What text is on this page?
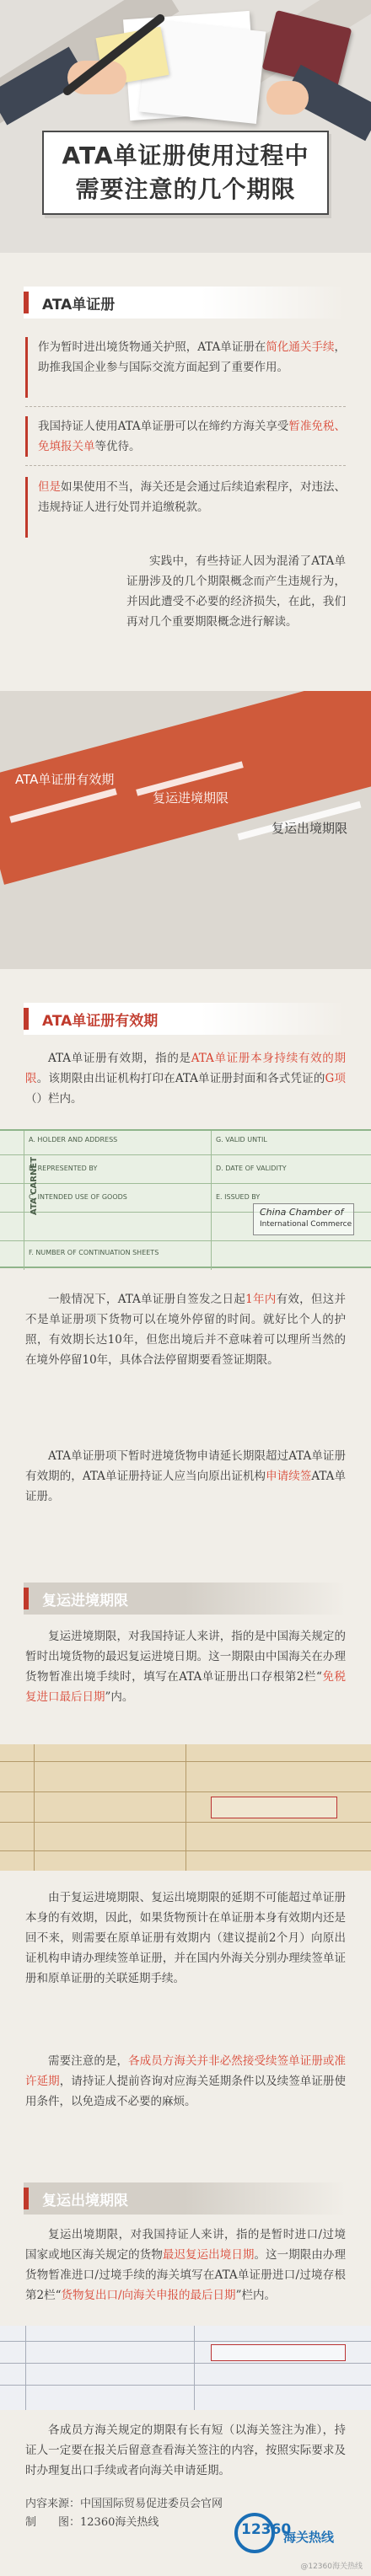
ATA单证册使用过程中
需要注意的几个期限
ATA单证册
作为暂时进出境货物通关护照，ATA单证册在简化通关手续，助推我国企业参与国际交流方面起到了重要作用。
我国持证人使用ATA单证册可以在缔约方海关享受暂准免税、免填报关单等优待。
但是如果使用不当，海关还是会通过后续追索程序，对违法、违规持证人进行处罚并追缴税款。
实践中，有些持证人因为混淆了ATA单证册涉及的几个期限概念而产生违规行为，并因此遭受不必要的经济损失，在此，我们再对几个重要期限概念进行解读。
ATA单证册有效期
复运进境期限
复运出境期限
ATA单证册有效期
ATA单证册有效期，指的是ATA单证册本身持续有效的期限。该期限由出证机构打印在ATA单证册封面和各式凭证的G项（）栏内。
ATA CARNET
A. HOLDER AND ADDRESS	G. VALID UNTIL
B. REPRESENTED BY	D. DATE OF VALIDITY
C. INTENDED USE OF GOODS	E. ISSUED BY
F. NUMBER OF CONTINUATION SHEETS
China Chamber of
International Commerce
一般情况下，ATA单证册自签发之日起1年内有效，但这并不是单证册项下货物可以在境外停留的时间。就好比个人的护照，有效期长达10年，但您出境后并不意味着可以理所当然的在境外停留10年，具体合法停留期要看签证期限。
ATA单证册项下暂时进境货物申请延长期限超过ATA单证册有效期的，ATA单证册持证人应当向原出证机构申请续签ATA单证册。
复运进境期限
复运进境期限，对我国持证人来讲，指的是中国海关规定的暂时出境货物的最迟复运进境日期。这一期限由中国海关在办理货物暂准出境手续时，填写在ATA单证册出口存根第2栏“免税复进口最后日期”内。
由于复运进境期限、复运出境期限的延期不可能超过单证册本身的有效期，因此，如果货物预计在单证册本身有效期内还是回不来，则需要在原单证册有效期内（建议提前2个月）向原出证机构申请办理续签单证册，并在国内外海关分别办理续签单证册和原单证册的关联延期手续。
需要注意的是，各成员方海关并非必然接受续签单证册或准许延期，请持证人提前咨询对应海关延期条件以及续签单证册使用条件，以免造成不必要的麻烦。
复运出境期限
复运出境期限，对我国持证人来讲，指的是暂时进口/过境国家或地区海关规定的货物最迟复运出境日期。这一期限由办理货物暂准进口/过境手续的海关填写在ATA单证册进口/过境存根第2栏“货物复出口/向海关申报的最后日期”栏内。
各成员方海关规定的期限有长有短（以海关签注为准），持证人一定要在报关后留意查看海关签注的内容，按照实际要求及时办理复出口手续或者向海关申请延期。
内容来源：中国国际贸易促进委员会官网
制　　图：12360海关热线	12360
海关热线
@12360海关热线
